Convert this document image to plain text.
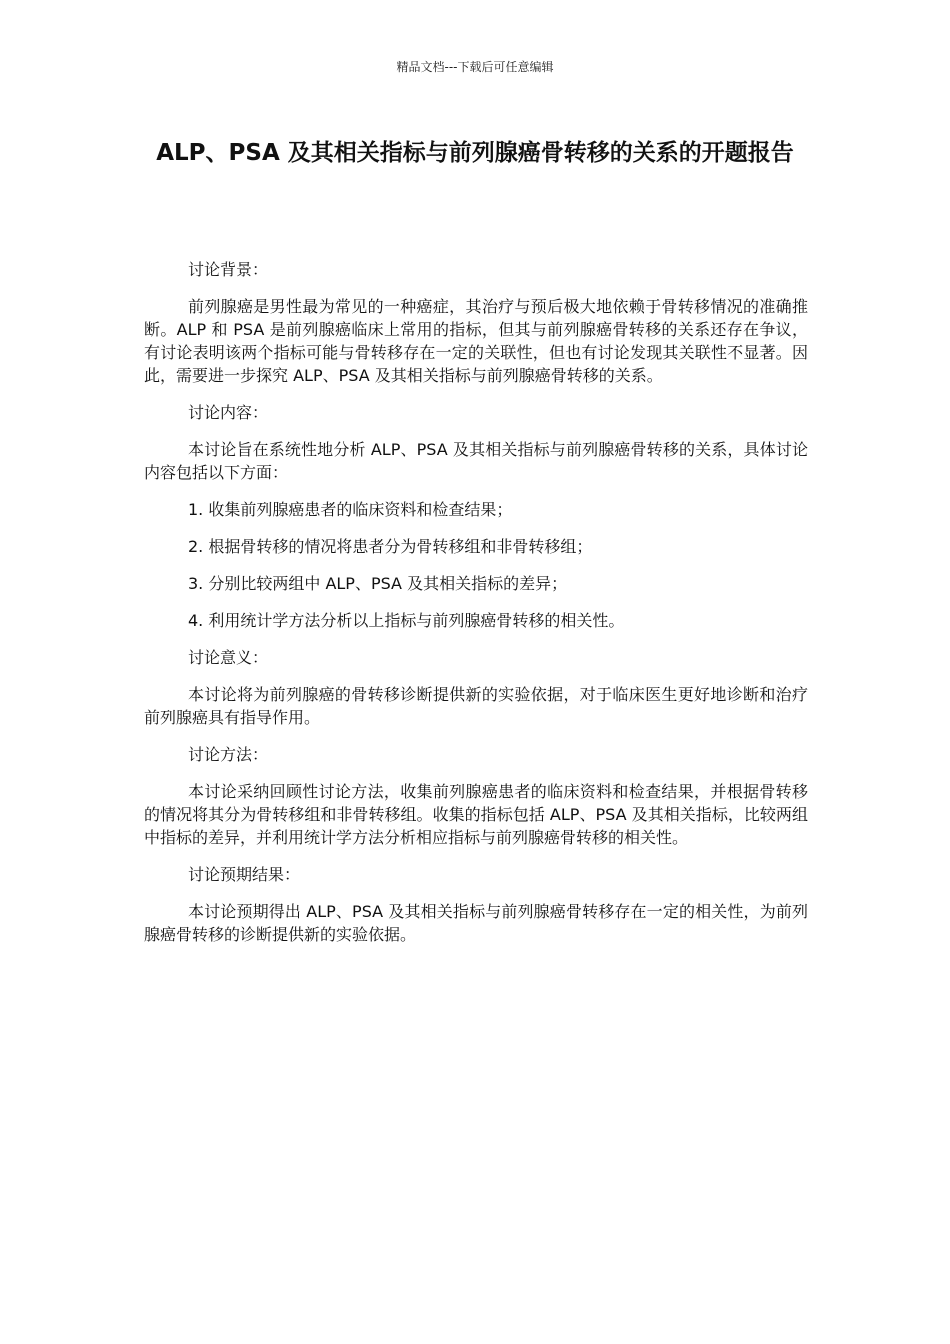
精品文档---下载后可任意编辑
ALP、PSA 及其相关指标与前列腺癌骨转移的关系的开题报告

讨论背景：

前列腺癌是男性最为常见的一种癌症，其治疗与预后极大地依赖于骨转移情况的准确推断。ALP 和 PSA 是前列腺癌临床上常用的指标，但其与前列腺癌骨转移的关系还存在争议，有讨论表明该两个指标可能与骨转移存在一定的关联性，但也有讨论发现其关联性不显著。因此，需要进一步探究 ALP、PSA 及其相关指标与前列腺癌骨转移的关系。

讨论内容：

本讨论旨在系统性地分析 ALP、PSA 及其相关指标与前列腺癌骨转移的关系，具体讨论内容包括以下方面：

1. 收集前列腺癌患者的临床资料和检查结果；

2. 根据骨转移的情况将患者分为骨转移组和非骨转移组；

3. 分别比较两组中 ALP、PSA 及其相关指标的差异；

4. 利用统计学方法分析以上指标与前列腺癌骨转移的相关性。

讨论意义：

本讨论将为前列腺癌的骨转移诊断提供新的实验依据，对于临床医生更好地诊断和治疗前列腺癌具有指导作用。

讨论方法：

本讨论采纳回顾性讨论方法，收集前列腺癌患者的临床资料和检查结果，并根据骨转移的情况将其分为骨转移组和非骨转移组。收集的指标包括 ALP、PSA 及其相关指标，比较两组中指标的差异，并利用统计学方法分析相应指标与前列腺癌骨转移的相关性。

讨论预期结果：

本讨论预期得出 ALP、PSA 及其相关指标与前列腺癌骨转移存在一定的相关性，为前列腺癌骨转移的诊断提供新的实验依据。
